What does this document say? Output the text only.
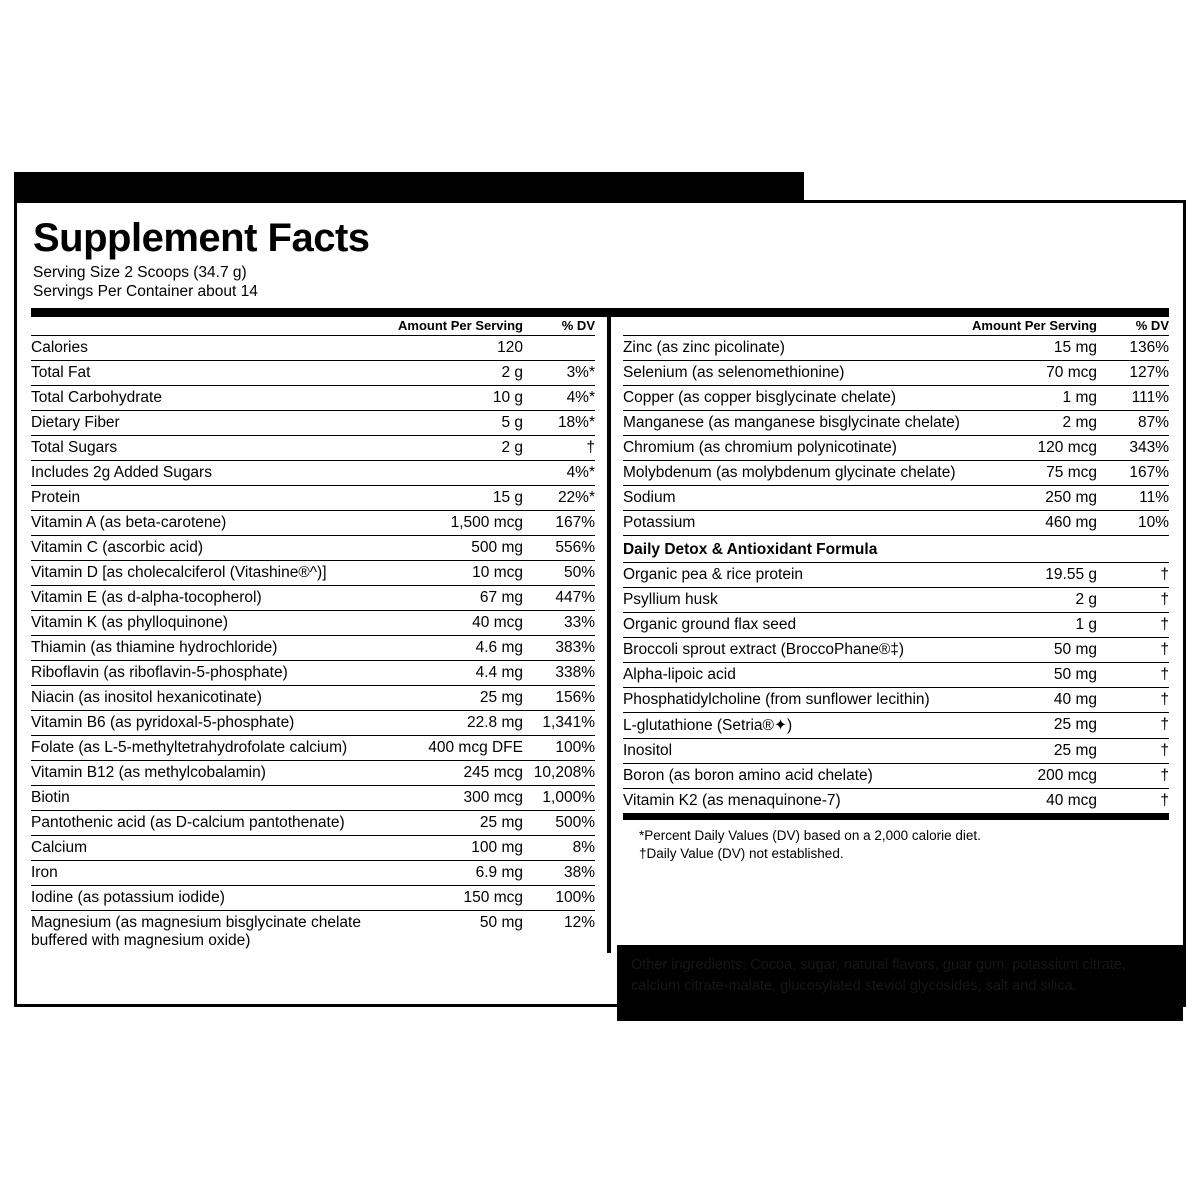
Supplement Facts
Serving Size 2 Scoops (34.7 g)
Servings Per Container about 14
	Amount Per Serving	% DV
Calories	120	
Total Fat	2 g	3%*
Total Carbohydrate	10 g	4%*
Dietary Fiber	5 g	18%*
Total Sugars	2 g	†
Includes 2g Added Sugars		4%*
Protein	15 g	22%*
Vitamin A (as beta-carotene)	1,500 mcg	167%
Vitamin C (ascorbic acid)	500 mg	556%
Vitamin D [as cholecalciferol (Vitashine®^)]	10 mcg	50%
Vitamin E (as d-alpha-tocopherol)	67 mg	447%
Vitamin K (as phylloquinone)	40 mcg	33%
Thiamin (as thiamine hydrochloride)	4.6 mg	383%
Riboflavin (as riboflavin-5-phosphate)	4.4 mg	338%
Niacin (as inositol hexanicotinate)	25 mg	156%
Vitamin B6 (as pyridoxal-5-phosphate)	22.8 mg	1,341%
Folate (as L-5-methyltetrahydrofolate calcium)	400 mcg DFE	100%
Vitamin B12 (as methylcobalamin)	245 mcg	10,208%
Biotin	300 mcg	1,000%
Pantothenic acid (as D-calcium pantothenate)	25 mg	500%
Calcium	100 mg	8%
Iron	6.9 mg	38%
Iodine (as potassium iodide)	150 mcg	100%
Magnesium (as magnesium bisglycinate chelate buffered with magnesium oxide)	50 mg	12%
	Amount Per Serving	% DV
Zinc (as zinc picolinate)	15 mg	136%
Selenium (as selenomethionine)	70 mcg	127%
Copper (as copper bisglycinate chelate)	1 mg	111%
Manganese (as manganese bisglycinate chelate)	2 mg	87%
Chromium (as chromium polynicotinate)	120 mcg	343%
Molybdenum (as molybdenum glycinate chelate)	75 mcg	167%
Sodium	250 mg	11%
Potassium	460 mg	10%
Daily Detox & Antioxidant Formula		
Organic pea & rice protein	19.55 g	†
Psyllium husk	2 g	†
Organic ground flax seed	1 g	†
Broccoli sprout extract (BroccoPhane®‡)	50 mg	†
Alpha-lipoic acid	50 mg	†
Phosphatidylcholine (from sunflower lecithin)	40 mg	†
L-glutathione (Setria®✦)	25 mg	†
Inositol	25 mg	†
Boron (as boron amino acid chelate)	200 mcg	†
Vitamin K2 (as menaquinone-7)	40 mcg	†
*Percent Daily Values (DV) based on a 2,000 calorie diet.
†Daily Value (DV) not established.
Other ingredients: Cocoa, sugar, natural flavors, guar gum, potassium citrate,
calcium citrate-malate, glucosylated steviol glycosides, salt and silica.
